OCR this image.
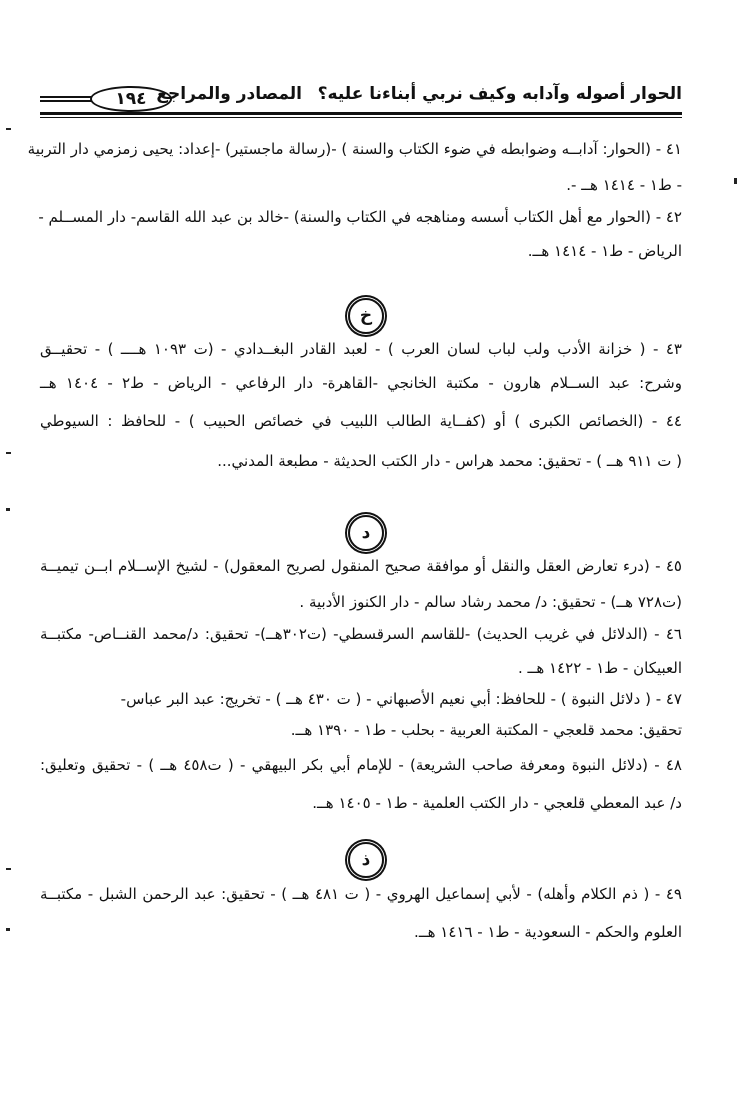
الحوار أصوله وآدابه وكيف نربي أبناءنا عليه؟
المصادر والمراجع
١٩٤
٤١ - (الحوار: آدابــه وضوابطه في ضوء الكتاب والسنة ) -(رسالة ماجستير) -إعداد: يحيى زمزمي دار التربية
- ط١ - ١٤١٤ هــ -.
٤٢ - (الحوار مع أهل الكتاب أسسه ومناهجه في الكتاب والسنة) -خالد بن عبد الله القاسم- دار المســلم -
الرياض - ط١ - ١٤١٤ هــ.
٤٣ - ( خزانة الأدب ولب لباب لسان العرب ) - لعبد القادر البغــدادي - (ت ١٠٩٣ هــــ ) - تحقيــق
وشرح: عبد الســلام هارون - مكتبة الخانجي -القاهرة- دار الرفاعي - الرياض - ط٢ - ١٤٠٤ هــ
٤٤ - (الخصائص الكبرى ) أو (كفــاية الطالب اللبيب في خصائص الحبيب ) - للحافظ : السيوطي
( ت ٩١١ هــ ) - تحقيق: محمد هراس - دار الكتب الحديثة - مطبعة المدني...
٤٥ - (درء تعارض العقل والنقل أو موافقة صحيح المنقول لصريح المعقول) - لشيخ الإســلام ابــن تيميــة
(ت٧٢٨ هــ) - تحقيق: د/ محمد رشاد سالم - دار الكنوز الأدبية .
٤٦ - (الدلائل في غريب الحديث) -للقاسم السرقسطي- (ت٣٠٢هــ)- تحقيق: د/محمد القنــاص- مكتبــة
العبيكان - ط١ - ١٤٢٢ هــ .
٤٧ - ( دلائل النبوة ) - للحافظ: أبي نعيم الأصبهاني - ( ت ٤٣٠ هــ ) - تخريج: عبد البر عباس-
تحقيق: محمد قلعجي - المكتبة العربية - بحلب - ط١ - ١٣٩٠ هــ.
٤٨ - (دلائل النبوة ومعرفة صاحب الشريعة) - للإمام أبي بكر البيهقي - ( ت٤٥٨ هــ ) - تحقيق وتعليق:
د/ عبد المعطي قلعجي - دار الكتب العلمية - ط١ - ١٤٠٥ هــ.
٤٩ - ( ذم الكلام وأهله) - لأبي إسماعيل الهروي - ( ت ٤٨١ هــ ) - تحقيق: عبد الرحمن الشبل - مكتبــة
العلوم والحكم - السعودية - ط١ - ١٤١٦ هــ.
خ
د
ذ
